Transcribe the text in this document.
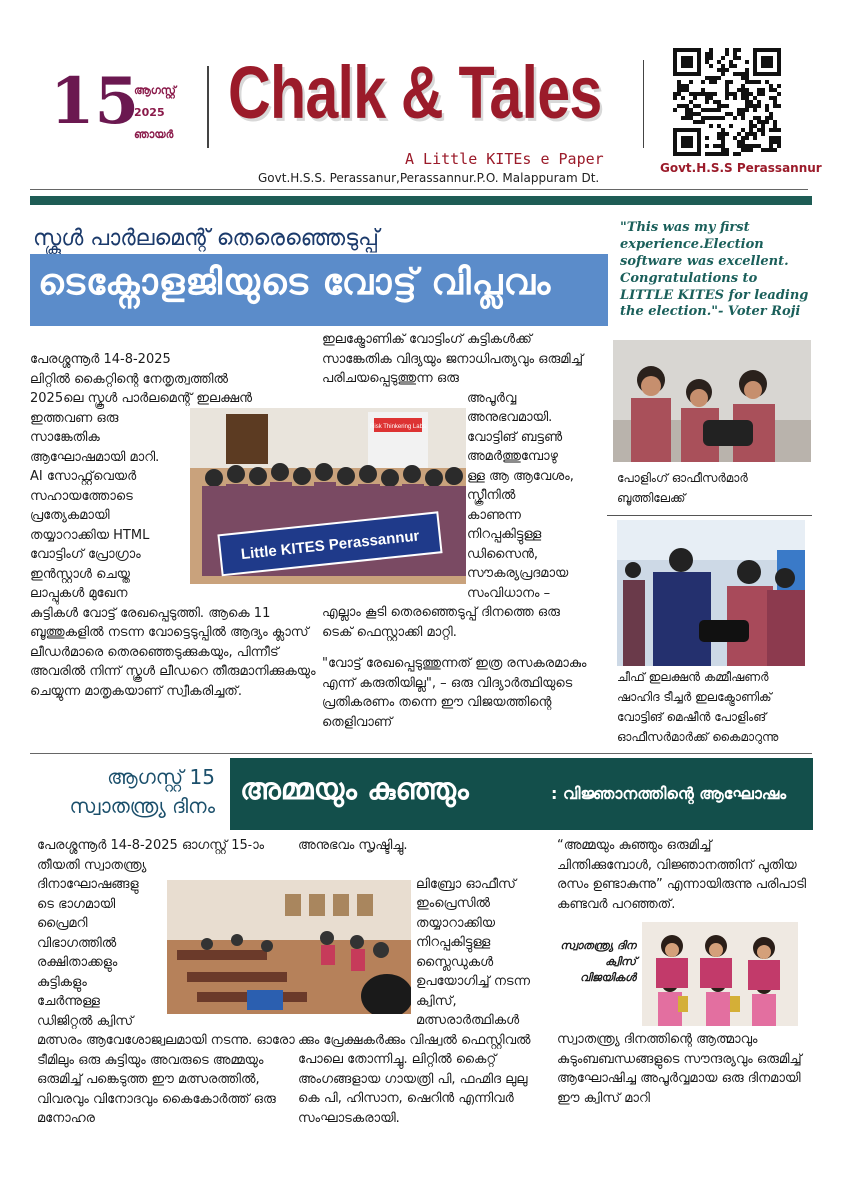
15
ആഗസ്റ്റ്
2025
ഞായർ
Chalk & Tales
A Little KITEs e Paper
Govt.H.S.S. Perassanur,Perassannur.P.O. Malappuram Dt.
Govt.H.S.S Perassannur
സ്കൂൾ പാർലമെന്റ് തെരെഞ്ഞെടുപ്പ്
ടെക്നോളജിയുടെ വോട്ട് വിപ്ലവം
"This was my first experience.Election software was excellent. Congratulations to LITTLE KITES for leading the election."- Voter Roji
പേരശ്ശന്നൂർ 14-8-2025
ലിറ്റിൽ കൈറ്റിന്റെ നേതൃത്വത്തിൽ
2025ലെ സ്കൂൾ പാർലമെന്റ് ഇലക്ഷൻ
ഇത്തവണ ഒരു
സാങ്കേതിക
ആഘോഷമായി മാറി.
AI സോഫ്റ്റ്‌വെയർ
സഹായത്തോടെ
പ്രത്യേകമായി
തയ്യാറാക്കിയ HTML
വോട്ടിംഗ് പ്രോഗ്രാം
ഇൻസ്റ്റാൾ ചെയ്ത
ലാപ്പുകൾ മുഖേന
കുട്ടികൾ വോട്ട് രേഖപ്പെടുത്തി. ആകെ 11 ബൂത്തുകളിൽ നടന്ന വോട്ടെടുപ്പിൽ ആദ്യം ക്ലാസ് ലീഡർമാരെ തെരഞ്ഞെടുക്കുകയും, പിന്നീട് അവരിൽ നിന്ന് സ്കൂൾ ലീഡറെ തീരുമാനിക്കുകയും ചെയ്യുന്ന മാതൃകയാണ് സ്വീകരിച്ചത്.
ഇലക്ട്രോണിക് വോട്ടിംഗ് കുട്ടികൾക്ക് സാങ്കേതിക വിദ്യയും ജനാധിപത്യവും ഒരുമിച്ച് പരിചയപ്പെടുത്തുന്ന ഒരു
അപൂർവ്വ
അനുഭവമായി.
വോട്ടിങ് ബട്ടൺ
അമർത്തുമ്പോഴു
ള്ള ആ ആവേശം,
സ്ക്രീനിൽ
കാണുന്ന
നിറപ്പകിട്ടുള്ള
ഡിസൈൻ,
സൗകര്യപ്രദമായ
സംവിധാനം –
എല്ലാം കൂടി തെരഞ്ഞെടുപ്പ് ദിനത്തെ ഒരു ടെക് ഫെസ്റ്റാക്കി മാറ്റി.
"വോട്ട് രേഖപ്പെടുത്തുന്നത് ഇത്ര രസകരമാകും എന്ന് കരുതിയില്ല", – ഒരു വിദ്യാർത്ഥിയുടെ പ്രതികരണം തന്നെ ഈ വിജയത്തിന്റെ തെളിവാണ്
Risk Thinkering Labs
Little KITES Perassannur
പോളിംഗ് ഓഫീസർമാർ ബൂത്തിലേക്ക്
ചീഫ് ഇലക്ഷൻ കമ്മീഷണർ ഷാഹിദ ടീച്ചർ ഇലക്ട്രോണിക് വോട്ടിങ് മെഷീൻ പോളിംങ് ഓഫീസർമാർക്ക് കൈമാറുന്നു
ആഗസ്റ്റ് 15
സ്വാതന്ത്ര്യ ദിനം അമ്മയും കുഞ്ഞും	: വിജ്ഞാനത്തിന്റെ ആഘോഷം
പേരശ്ശന്നൂർ 14-8-2025 ഓഗസ്റ്റ് 15-ാം
തീയതി സ്വാതന്ത്ര്യ
ദിനാഘോഷങ്ങളു
ടെ ഭാഗമായി
പ്രൈമറി
വിഭാഗത്തിൽ
രക്ഷിതാക്കളും
കുട്ടികളും
ചേർന്നുള്ള
ഡിജിറ്റൽ ക്വിസ്
മത്സരം ആവേശോജ്വലമായി നടന്നു. ഓരോ ടീമിലും ഒരു കുട്ടിയും അവരുടെ അമ്മയും ഒരുമിച്ച് പങ്കെടുത്ത ഈ മത്സരത്തിൽ, വിവരവും വിനോദവും കൈകോർത്ത് ഒരു മനോഹര
അനുഭവം സൃഷ്ടിച്ചു.
ലിബ്രോ ഓഫീസ്
ഇംപ്രെസിൽ
തയ്യാറാക്കിയ
നിറപ്പകിട്ടുള്ള
സ്ലൈഡുകൾ
ഉപയോഗിച്ച് നടന്ന
ക്വിസ്,
മത്സരാർത്ഥികൾ
ക്കും പ്രേക്ഷകർക്കും വിഷ്വൽ ഫെസ്റ്റിവൽ പോലെ തോന്നിച്ചു. ലിറ്റിൽ കൈറ്റ് അംഗങ്ങളായ ഗായത്രി പി, ഫഹ്മിദ ലുലു കെ പി, ഹിസാന, ഷെറിൻ എന്നിവർ സംഘാടകരായി.
“അമ്മയും കുഞ്ഞും ഒരുമിച്ച് ചിന്തിക്കുമ്പോൾ, വിജ്ഞാനത്തിന് പുതിയ രസം ഉണ്ടാകുന്നു” എന്നായിരുന്നു പരിപാടി കണ്ടവർ പറഞ്ഞത്.
സ്വാതന്ത്ര്യ ദിന ക്വിസ് വിജയികൾ
സ്വാതന്ത്ര്യ ദിനത്തിന്റെ ആത്മാവും കുടുംബബന്ധങ്ങളുടെ സൗന്ദര്യവും ഒരുമിച്ച് ആഘോഷിച്ച അപൂർവ്വമായ ഒരു ദിനമായി ഈ ക്വിസ് മാറി
